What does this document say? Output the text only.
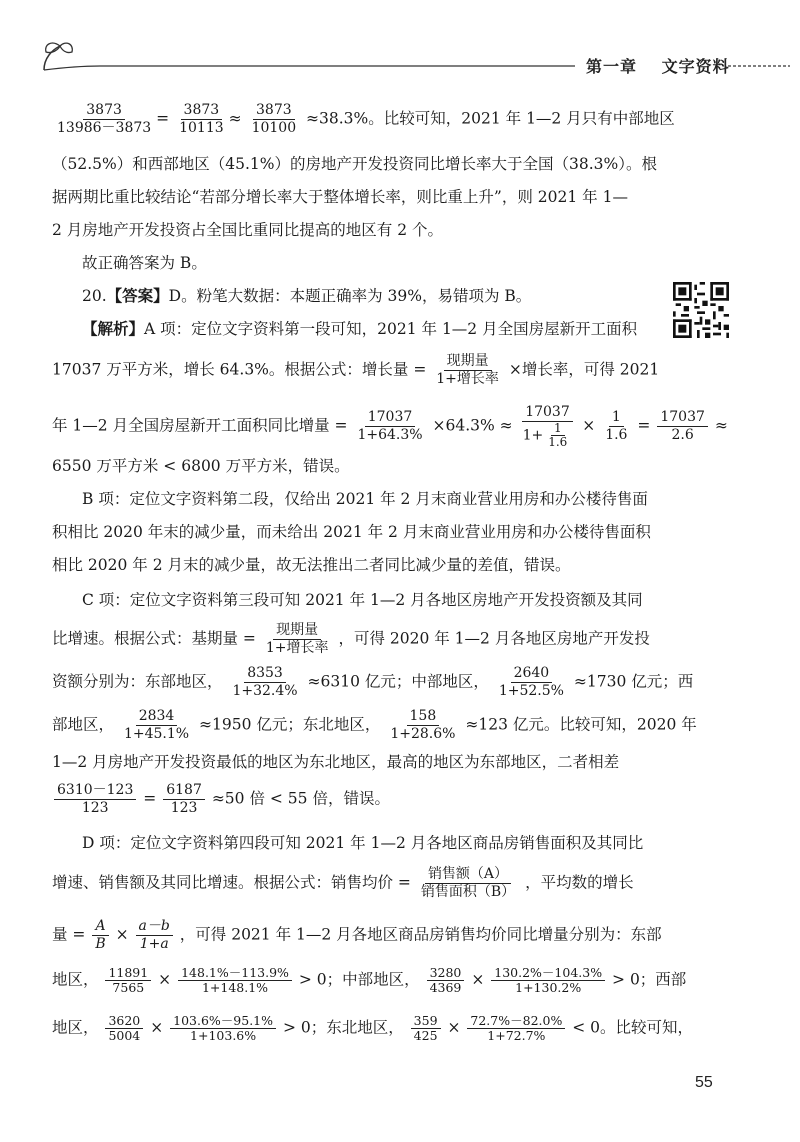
第一章 文字资料
$\frac{3873}{13986-3873} = \frac{3873}{10113} \approx \frac{3873}{10100} \approx 38.3\%$。比较可知，2021 年 1—2 月只有中部地区
（52.5%）和西部地区（45.1%）的房地产开发投资同比增长率大于全国（38.3%）。根
据两期比重比较结论“若部分增长率大于整体增长率，则比重上升”，则 2021 年 1—
2 月房地产开发投资占全国比重同比提高的地区有 2 个。
故正确答案为 B。
20.【答案】D。粉笔大数据：本题正确率为 39%，易错项为 B。
【解析】A 项：定位文字资料第一段可知，2021 年 1—2 月全国房屋新开工面积
17037 万平方米，增长 64.3%。根据公式：增长量 = $\frac{\text{现期量}}{\text{1+增长率}}$ ×增长率，可得 2021
年 1—2 月全国房屋新开工面积同比增量 = $\frac{17037}{1+64.3\%} \times 64.3\% \approx \frac{17037}{1+ \frac{1}{1.6}} \times \frac{1}{1.6} = \frac{17037}{2.6}$ ≈
6550 万平方米 < 6800 万平方米，错误。
B 项：定位文字资料第二段，仅给出 2021 年 2 月末商业营业用房和办公楼待售面
积相比 2020 年末的减少量，而未给出 2021 年 2 月末商业营业用房和办公楼待售面积
相比 2020 年 2 月末的减少量，故无法推出二者同比减少量的差值，错误。
C 项：定位文字资料第三段可知 2021 年 1—2 月各地区房地产开发投资额及其同
比增速。根据公式：基期量 = $\frac{\text{现期量}}{\text{1+增长率}}$ ，可得 2020 年 1—2 月各地区房地产开发投
资额分别为：东部地区， $\frac{8353}{1+32.4\%} \approx 6310$ 亿元；中部地区， $\frac{2640}{1+52.5\%} \approx 1730$ 亿元；西
部地区， $\frac{2834}{1+45.1\%} \approx 1950$ 亿元；东北地区， $\frac{158}{1+28.6\%} \approx 123$ 亿元。比较可知，2020 年
1—2 月房地产开发投资最低的地区为东北地区，最高的地区为东部地区，二者相差
$\frac{6310-123}{123} = \frac{6187}{123} \approx 50$ 倍 < 55 倍，错误。
D 项：定位文字资料第四段可知 2021 年 1—2 月各地区商品房销售面积及其同比
增速、销售额及其同比增速。根据公式：销售均价 = $\frac{\text{销售额（A）}}{\text{销售面积（B）}}$ ，平均数的增长
量 = $\frac{A}{B} \times \frac{a-b}{1+a}$ ，可得 2021 年 1—2 月各地区商品房销售均价同比增量分别为：东部
地区， $\frac{11891}{7565} \times \frac{148.1\%-113.9\%}{1+148.1\%} > 0$；中部地区， $\frac{3280}{4369} \times \frac{130.2\%-104.3\%}{1+130.2\%} > 0$；西部
地区， $\frac{3620}{5004} \times \frac{103.6\%-95.1\%}{1+103.6\%} > 0$；东北地区， $\frac{359}{425} \times \frac{72.7\%-82.0\%}{1+72.7\%} < 0$。比较可知，
55
